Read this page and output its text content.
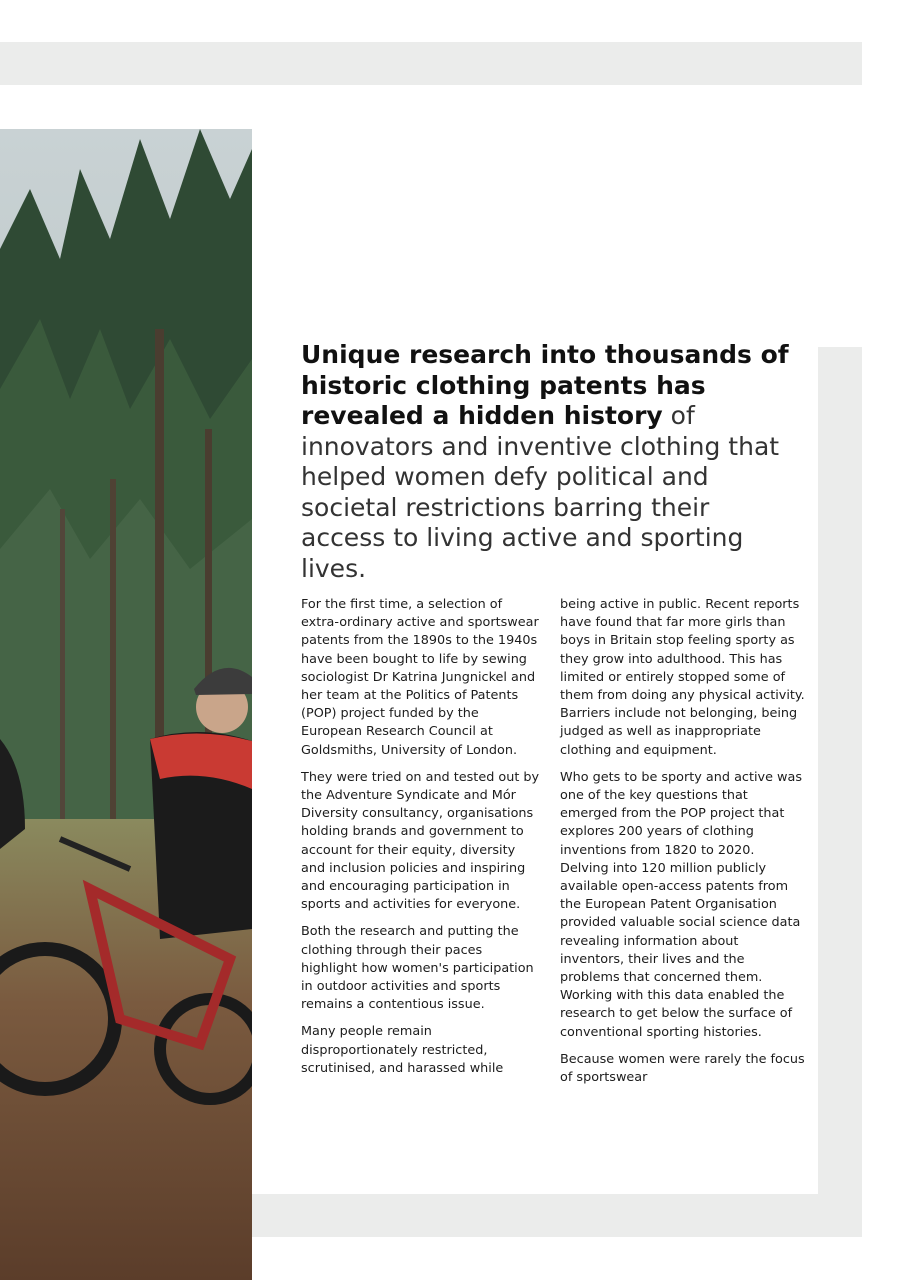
Unique research into thousands of historic clothing patents has revealed a hidden history of innovators and inventive clothing that helped women defy political and societal restrictions barring their access to living active and sporting lives.

For the first time, a selection of extra-ordinary active and sportswear patents from the 1890s to the 1940s have been bought to life by sewing sociologist Dr Katrina Jungnickel and her team at the Politics of Patents (POP) project funded by the European Research Council at Goldsmiths, University of London.

They were tried on and tested out by the Adventure Syndicate and Mór Diversity consultancy, organisations holding brands and government to account for their equity, diversity and inclusion policies and inspiring and encouraging participation in sports and activities for everyone.

Both the research and putting the clothing through their paces highlight how women's participation in outdoor activities and sports remains a contentious issue.

Many people remain disproportionately restricted, scrutinised, and harassed while

being active in public. Recent reports have found that far more girls than boys in Britain stop feeling sporty as they grow into adulthood. This has limited or entirely stopped some of them from doing any physical activity. Barriers include not belonging, being judged as well as inappropriate clothing and equipment.

Who gets to be sporty and active was one of the key questions that emerged from the POP project that explores 200 years of clothing inventions from 1820 to 2020. Delving into 120 million publicly available open-access patents from the European Patent Organisation provided valuable social science data revealing information about inventors, their lives and the problems that concerned them. Working with this data enabled the research to get below the surface of conventional sporting histories.

Because women were rarely the focus of sportswear
